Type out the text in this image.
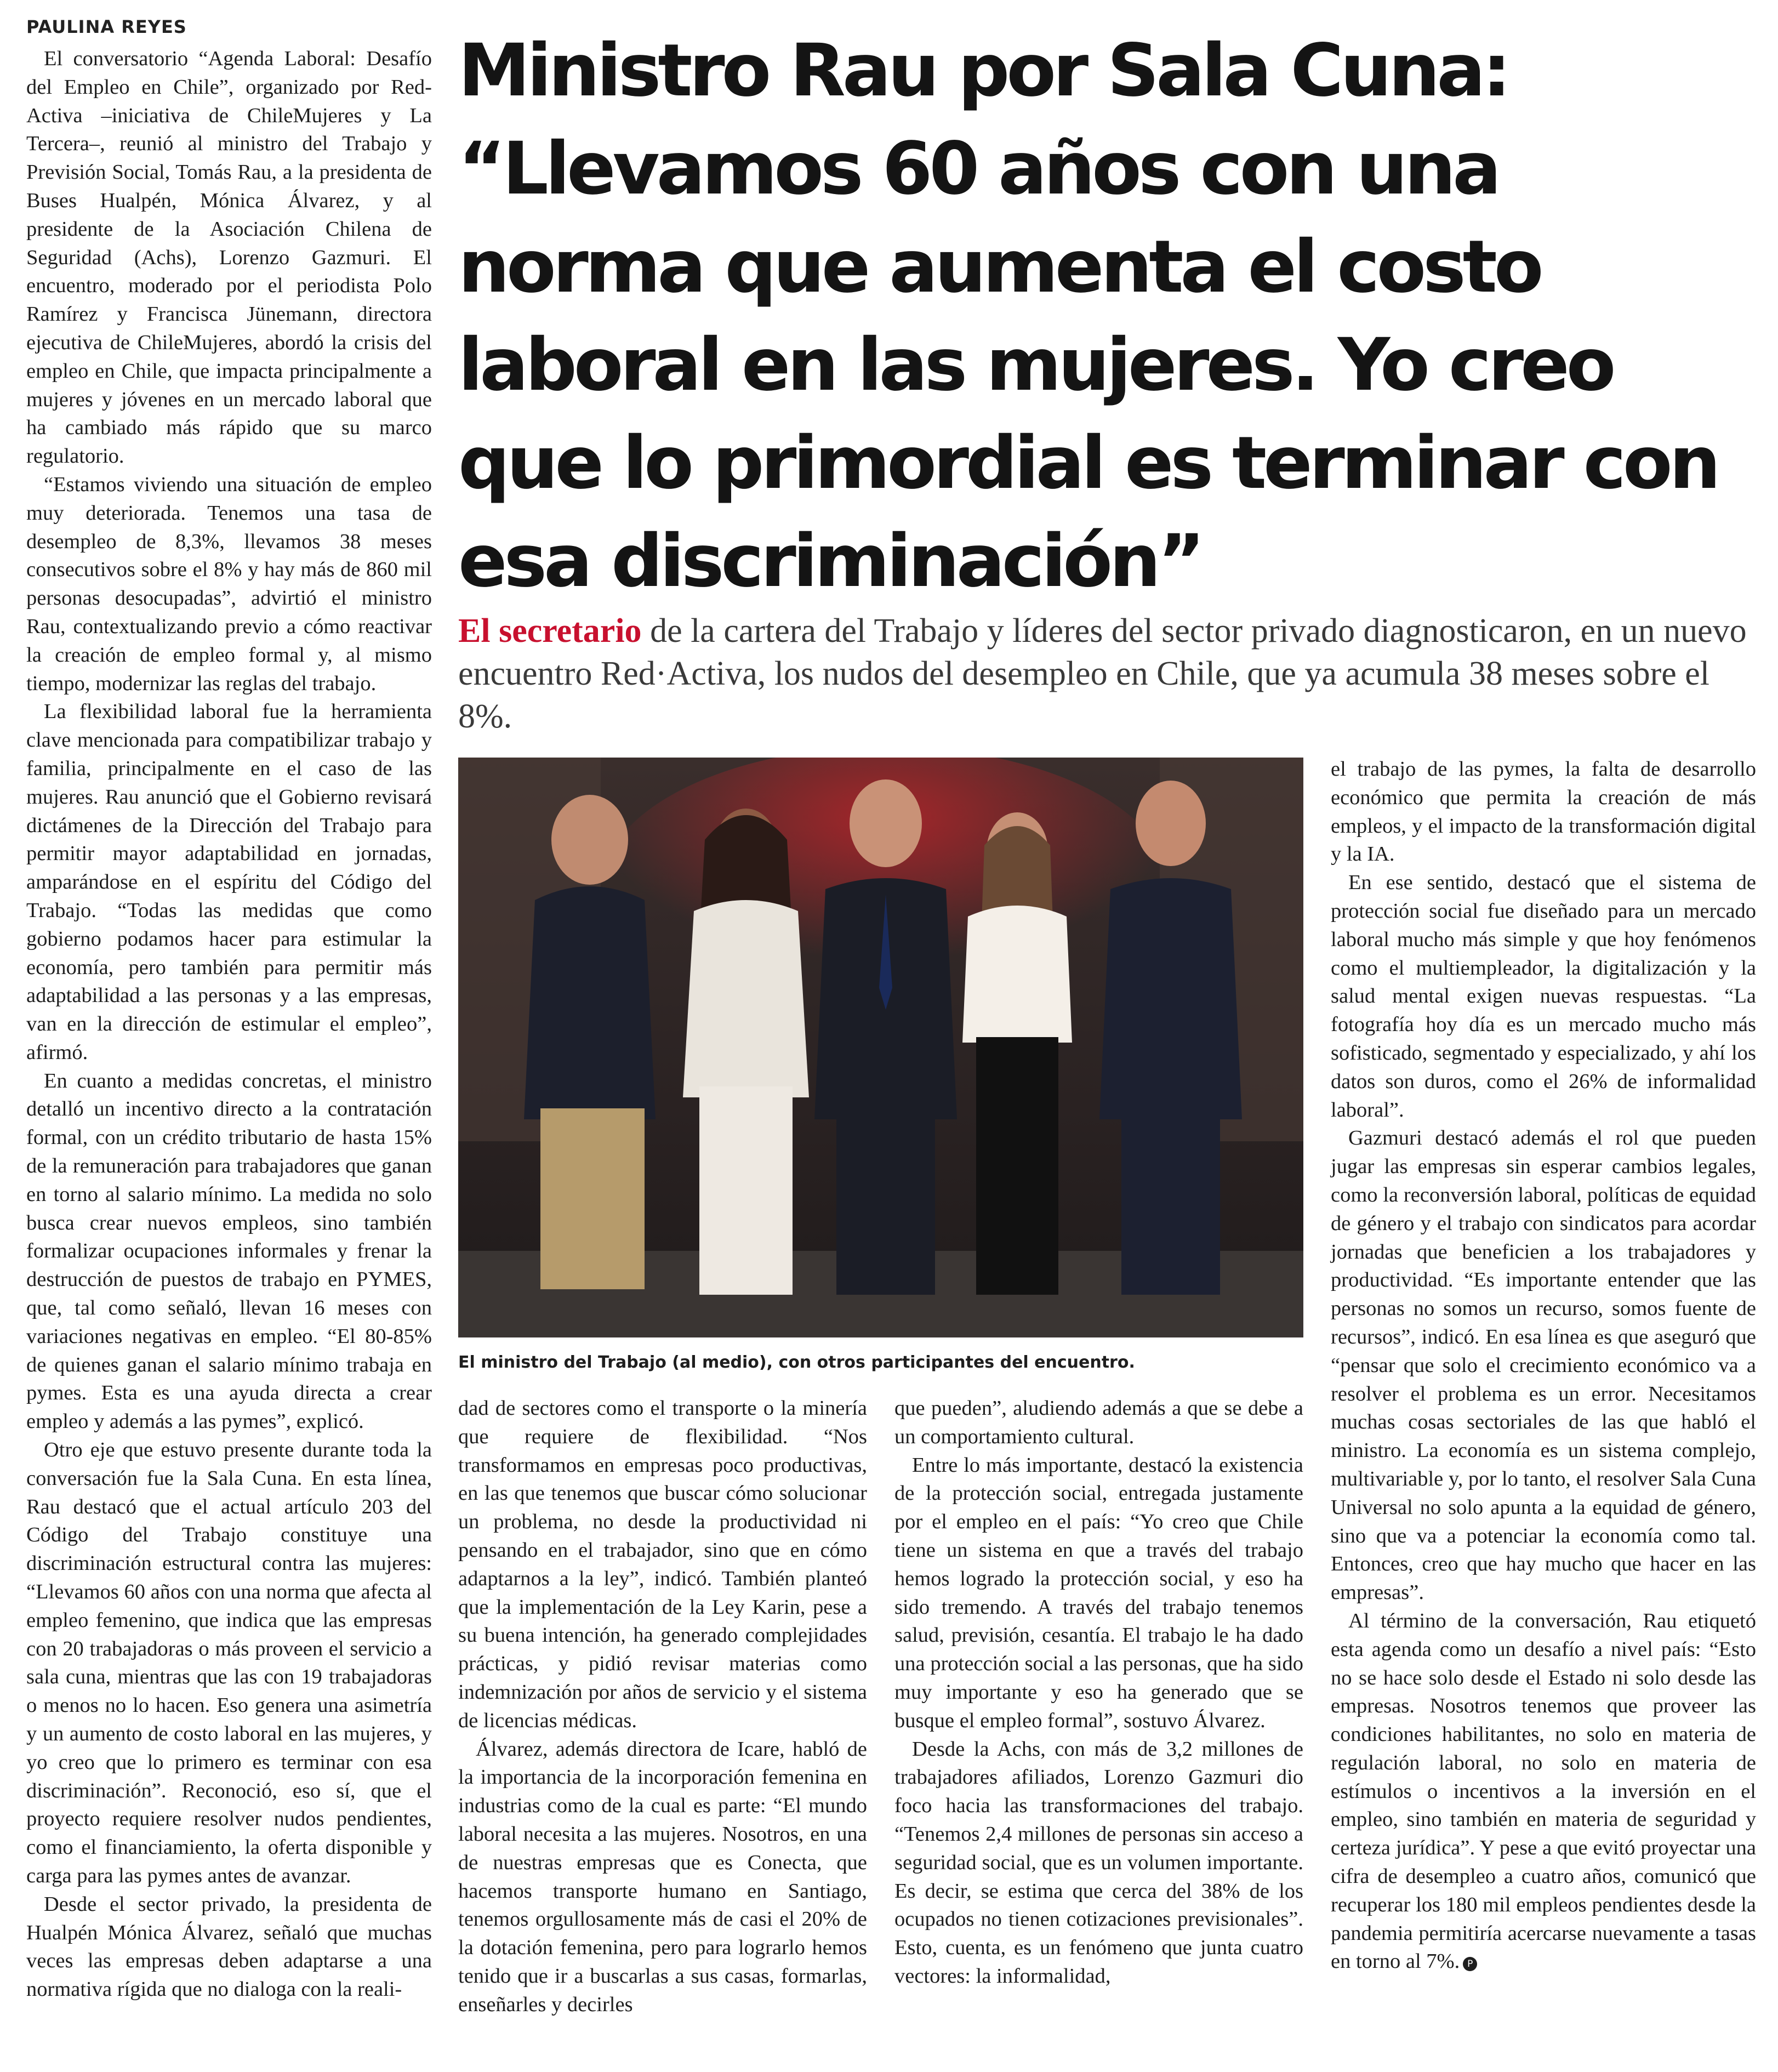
PAULINA REYES

El conversatorio “Agenda Laboral: Desafío del Empleo en Chile”, organizado por Red-Activa –iniciativa de ChileMujeres y La Tercera–, reunió al ministro del Trabajo y Previsión Social, Tomás Rau, a la presidenta de Buses Hualpén, Mónica Álvarez, y al presidente de la Asociación Chilena de Seguridad (Achs), Lorenzo Gazmuri. El encuentro, moderado por el periodista Polo Ramírez y Francisca Jünemann, directora ejecutiva de ChileMujeres, abordó la crisis del empleo en Chile, que impacta principalmente a mujeres y jóvenes en un mercado laboral que ha cambiado más rápido que su marco regulatorio.

“Estamos viviendo una situación de empleo muy deteriorada. Tenemos una tasa de desempleo de 8,3%, llevamos 38 meses consecutivos sobre el 8% y hay más de 860 mil personas desocupadas”, advirtió el ministro Rau, contextualizando previo a cómo reactivar la creación de empleo formal y, al mismo tiempo, modernizar las reglas del trabajo.

La flexibilidad laboral fue la herramienta clave mencionada para compatibilizar trabajo y familia, principalmente en el caso de las mujeres. Rau anunció que el Gobierno revisará dictámenes de la Dirección del Trabajo para permitir mayor adaptabilidad en jornadas, amparándose en el espíritu del Código del Trabajo. “Todas las medidas que como gobierno podamos hacer para estimular la economía, pero también para permitir más adaptabilidad a las personas y a las empresas, van en la dirección de estimular el empleo”, afirmó.

En cuanto a medidas concretas, el ministro detalló un incentivo directo a la contratación formal, con un crédito tributario de hasta 15% de la remuneración para trabajadores que ganan en torno al salario mínimo. La medida no solo busca crear nuevos empleos, sino también formalizar ocupaciones informales y frenar la destrucción de puestos de trabajo en PYMES, que, tal como señaló, llevan 16 meses con variaciones negativas en empleo. “El 80-85% de quienes ganan el salario mínimo trabaja en pymes. Esta es una ayuda directa a crear empleo y además a las pymes”, explicó.

Otro eje que estuvo presente durante toda la conversación fue la Sala Cuna. En esta línea, Rau destacó que el actual artículo 203 del Código del Trabajo constituye una discriminación estructural contra las mujeres: “Llevamos 60 años con una norma que afecta al empleo femenino, que indica que las empresas con 20 trabajadoras o más proveen el servicio a sala cuna, mientras que las con 19 trabajadoras o menos no lo hacen. Eso genera una asimetría y un aumento de costo laboral en las mujeres, y yo creo que lo primero es terminar con esa discriminación”. Reconoció, eso sí, que el proyecto requiere resolver nudos pendientes, como el financiamiento, la oferta disponible y carga para las pymes antes de avanzar.

Desde el sector privado, la presidenta de Hualpén Mónica Álvarez, señaló que muchas veces las empresas deben adaptarse a una normativa rígida que no dialoga con la reali-

Ministro Rau por Sala Cuna: “Llevamos 60 años con una norma que aumenta el costo laboral en las mujeres. Yo creo que lo primordial es terminar con esa discriminación”

El secretario de la cartera del Trabajo y líderes del sector privado diagnosticaron, en un nuevo encuentro Red·Activa, los nudos del desempleo en Chile, que ya acumula 38 meses sobre el 8%.

El ministro del Trabajo (al medio), con otros participantes del encuentro.

dad de sectores como el transporte o la minería que requiere de flexibilidad. “Nos transformamos en empresas poco productivas, en las que tenemos que buscar cómo solucionar un problema, no desde la productividad ni pensando en el trabajador, sino que en cómo adaptarnos a la ley”, indicó. También planteó que la implementación de la Ley Karin, pese a su buena intención, ha generado complejidades prácticas, y pidió revisar materias como indemnización por años de servicio y el sistema de licencias médicas.

Álvarez, además directora de Icare, habló de la importancia de la incorporación femenina en industrias como de la cual es parte: “El mundo laboral necesita a las mujeres. Nosotros, en una de nuestras empresas que es Conecta, que hacemos transporte humano en Santiago, tenemos orgullosamente más de casi el 20% de la dotación femenina, pero para lograrlo hemos tenido que ir a buscarlas a sus casas, formarlas, enseñarles y decirles

que pueden”, aludiendo además a que se debe a un comportamiento cultural.

Entre lo más importante, destacó la existencia de la protección social, entregada justamente por el empleo en el país: “Yo creo que Chile tiene un sistema en que a través del trabajo hemos logrado la protección social, y eso ha sido tremendo. A través del trabajo tenemos salud, previsión, cesantía. El trabajo le ha dado una protección social a las personas, que ha sido muy importante y eso ha generado que se busque el empleo formal”, sostuvo Álvarez.

Desde la Achs, con más de 3,2 millones de trabajadores afiliados, Lorenzo Gazmuri dio foco hacia las transformaciones del trabajo. “Tenemos 2,4 millones de personas sin acceso a seguridad social, que es un volumen importante. Es decir, se estima que cerca del 38% de los ocupados no tienen cotizaciones previsionales”. Esto, cuenta, es un fenómeno que junta cuatro vectores: la informalidad,

el trabajo de las pymes, la falta de desarrollo económico que permita la creación de más empleos, y el impacto de la transformación digital y la IA.

En ese sentido, destacó que el sistema de protección social fue diseñado para un mercado laboral mucho más simple y que hoy fenómenos como el multiempleador, la digitalización y la salud mental exigen nuevas respuestas. “La fotografía hoy día es un mercado mucho más sofisticado, segmentado y especializado, y ahí los datos son duros, como el 26% de informalidad laboral”.

Gazmuri destacó además el rol que pueden jugar las empresas sin esperar cambios legales, como la reconversión laboral, políticas de equidad de género y el trabajo con sindicatos para acordar jornadas que beneficien a los trabajadores y productividad. “Es importante entender que las personas no somos un recurso, somos fuente de recursos”, indicó. En esa línea es que aseguró que “pensar que solo el crecimiento económico va a resolver el problema es un error. Necesitamos muchas cosas sectoriales de las que habló el ministro. La economía es un sistema complejo, multivariable y, por lo tanto, el resolver Sala Cuna Universal no solo apunta a la equidad de género, sino que va a potenciar la economía como tal. Entonces, creo que hay mucho que hacer en las empresas”.

Al término de la conversación, Rau etiquetó esta agenda como un desafío a nivel país: “Esto no se hace solo desde el Estado ni solo desde las empresas. Nosotros tenemos que proveer las condiciones habilitantes, no solo en materia de regulación laboral, no solo en materia de estímulos o incentivos a la inversión en el empleo, sino también en materia de seguridad y certeza jurídica”. Y pese a que evitó proyectar una cifra de desempleo a cuatro años, comunicó que recuperar los 180 mil empleos pendientes desde la pandemia permitiría acercarse nuevamente a tasas en torno al 7%. P
